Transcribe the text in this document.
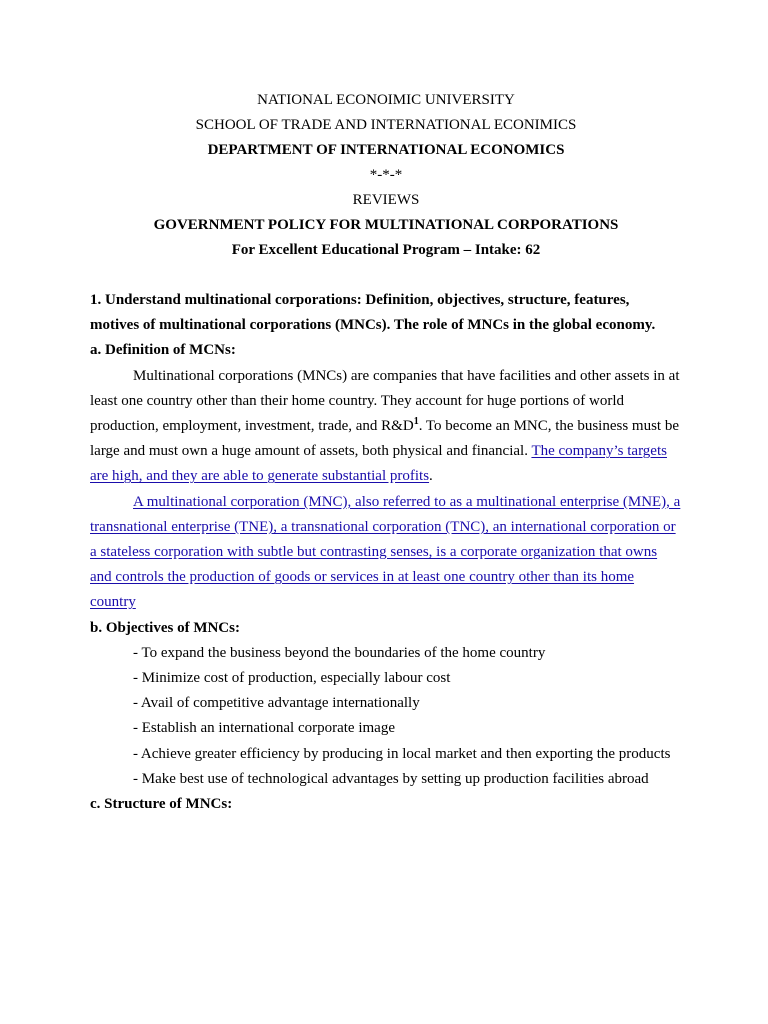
NATIONAL ECONOIMIC UNIVERSITY
SCHOOL OF TRADE AND INTERNATIONAL ECONIMICS
DEPARTMENT OF INTERNATIONAL ECONOMICS
*-*-*
REVIEWS
GOVERNMENT POLICY FOR MULTINATIONAL CORPORATIONS
For Excellent Educational Program – Intake: 62

1. Understand multinational corporations: Definition, objectives, structure, features, motives of multinational corporations (MNCs). The role of MNCs in the global economy.

a. Definition of MCNs:

Multinational corporations (MNCs) are companies that have facilities and other assets in at least one country other than their home country. They account for huge portions of world production, employment, investment, trade, and $R\&D^1$. To become an MNC, the business must be large and must own a huge amount of assets, both physical and financial. The company’s targets are high, and they are able to generate substantial profits.

A multinational corporation (MNC), also referred to as a multinational enterprise (MNE), a transnational enterprise (TNE), a transnational corporation (TNC), an international corporation or a stateless corporation with subtle but contrasting senses, is a corporate organization that owns and controls the production of goods or services in at least one country other than its home country

b. Objectives of MNCs:

- To expand the business beyond the boundaries of the home country

- Minimize cost of production, especially labour cost

- Avail of competitive advantage internationally

- Establish an international corporate image

- Achieve greater efficiency by producing in local market and then exporting the products

- Make best use of technological advantages by setting up production facilities abroad

c. Structure of MNCs:
